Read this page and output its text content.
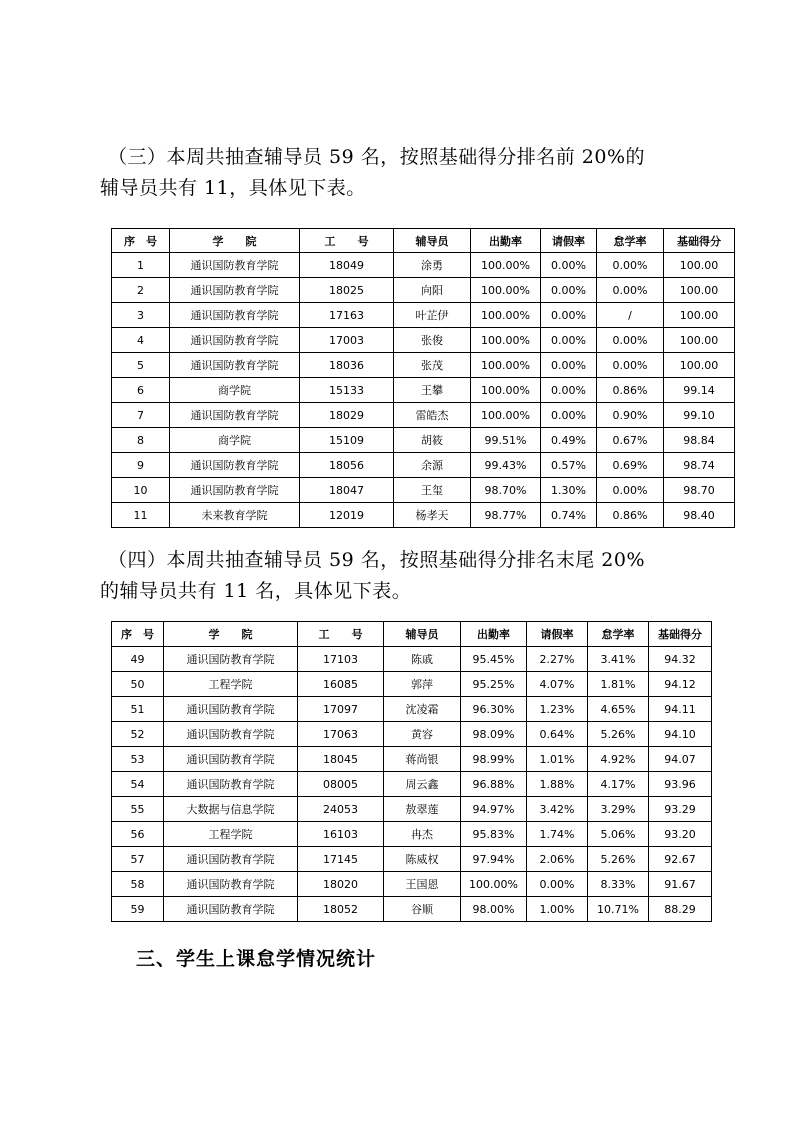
（三）本周共抽查辅导员 59 名，按照基础得分排名前 20%的
辅导员共有 11，具体见下表。

序　号	学　　院	工　　号	辅导员	出勤率	请假率	怠学率	基础得分
1	通识国防教育学院	18049	涂勇	100.00%	0.00%	0.00%	100.00
2	通识国防教育学院	18025	向阳	100.00%	0.00%	0.00%	100.00
3	通识国防教育学院	17163	叶芷伊	100.00%	0.00%	/	100.00
4	通识国防教育学院	17003	张俊	100.00%	0.00%	0.00%	100.00
5	通识国防教育学院	18036	张茂	100.00%	0.00%	0.00%	100.00
6	商学院	15133	王攀	100.00%	0.00%	0.86%	99.14
7	通识国防教育学院	18029	雷皓杰	100.00%	0.00%	0.90%	99.10
8	商学院	15109	胡筱	99.51%	0.49%	0.67%	98.84
9	通识国防教育学院	18056	余源	99.43%	0.57%	0.69%	98.74
10	通识国防教育学院	18047	王玺	98.70%	1.30%	0.00%	98.70
11	未来教育学院	12019	杨孝天	98.77%	0.74%	0.86%	98.40

（四）本周共抽查辅导员 59 名，按照基础得分排名末尾 20%
的辅导员共有 11 名，具体见下表。

序　号	学　　院	工　　号	辅导员	出勤率	请假率	怠学率	基础得分
49	通识国防教育学院	17103	陈戚	95.45%	2.27%	3.41%	94.32
50	工程学院	16085	郭萍	95.25%	4.07%	1.81%	94.12
51	通识国防教育学院	17097	沈凌霜	96.30%	1.23%	4.65%	94.11
52	通识国防教育学院	17063	黄容	98.09%	0.64%	5.26%	94.10
53	通识国防教育学院	18045	蒋尚银	98.99%	1.01%	4.92%	94.07
54	通识国防教育学院	08005	周云鑫	96.88%	1.88%	4.17%	93.96
55	大数据与信息学院	24053	敖翠莲	94.97%	3.42%	3.29%	93.29
56	工程学院	16103	冉杰	95.83%	1.74%	5.06%	93.20
57	通识国防教育学院	17145	陈威权	97.94%	2.06%	5.26%	92.67
58	通识国防教育学院	18020	王国恩	100.00%	0.00%	8.33%	91.67
59	通识国防教育学院	18052	谷顺	98.00%	1.00%	10.71%	88.29

三、学生上课怠学情况统计
